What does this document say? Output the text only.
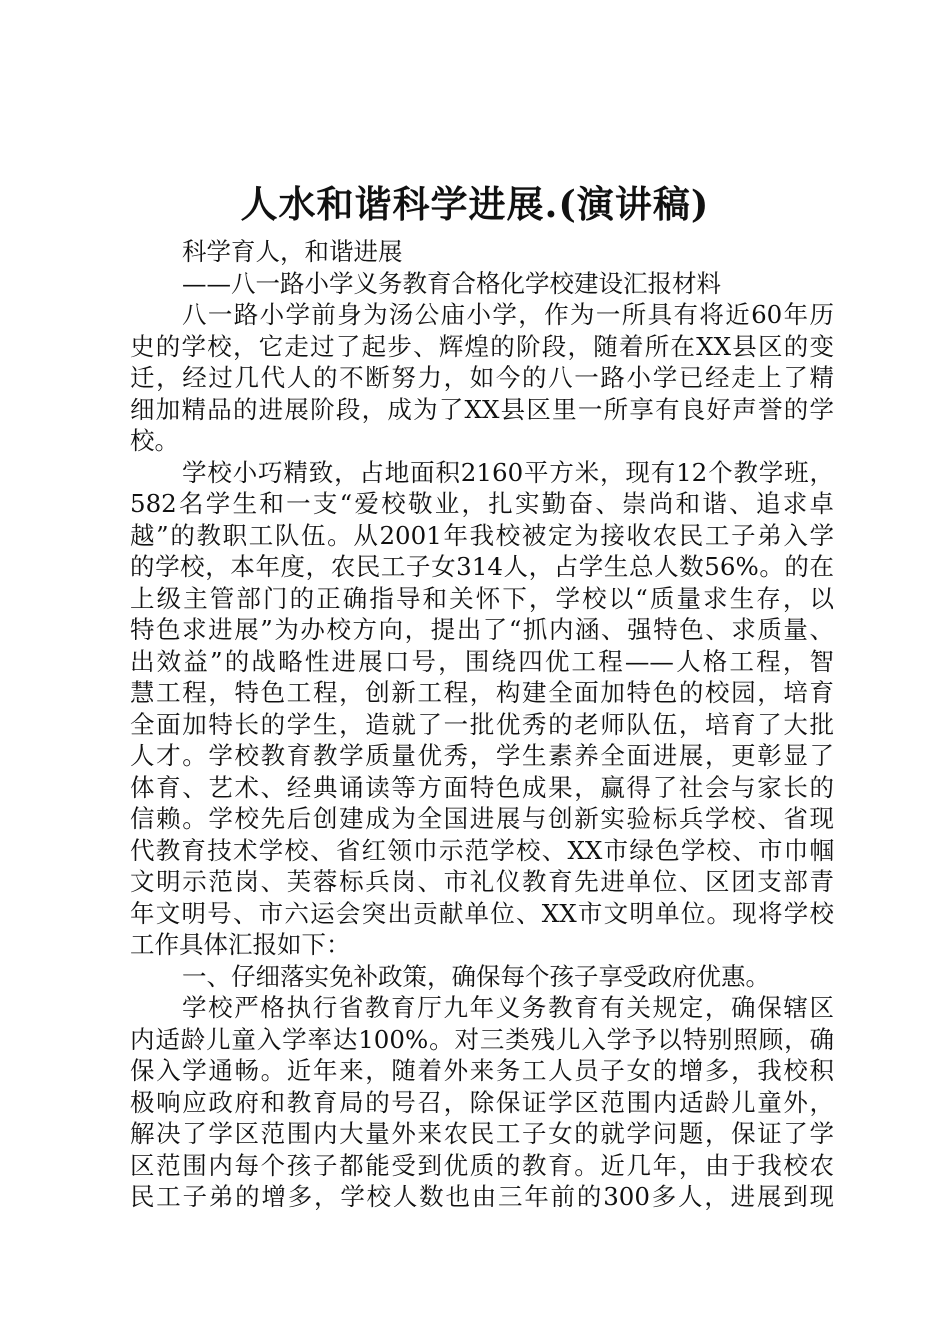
人水和谐科学进展.(演讲稿)
科学育人，和谐进展
——八一路小学义务教育合格化学校建设汇报材料
八一路小学前身为汤公庙小学，作为一所具有将近60年历
史的学校，它走过了起步、辉煌的阶段，随着所在XX县区的变
迁，经过几代人的不断努力，如今的八一路小学已经走上了精
细加精品的进展阶段，成为了XX县区里一所享有良好声誉的学
校。
学校小巧精致，占地面积2160平方米，现有12个教学班，
582名学生和一支“爱校敬业，扎实勤奋、崇尚和谐、追求卓
越”的教职工队伍。从2001年我校被定为接收农民工子弟入学
的学校，本年度，农民工子女314人，占学生总人数56%。的在
上级主管部门的正确指导和关怀下，学校以“质量求生存，以
特色求进展”为办校方向，提出了“抓内涵、强特色、求质量、
出效益”的战略性进展口号，围绕四优工程——人格工程，智
慧工程，特色工程，创新工程，构建全面加特色的校园，培育
全面加特长的学生，造就了一批优秀的老师队伍，培育了大批
人才。学校教育教学质量优秀，学生素养全面进展，更彰显了
体育、艺术、经典诵读等方面特色成果，赢得了社会与家长的
信赖。学校先后创建成为全国进展与创新实验标兵学校、省现
代教育技术学校、省红领巾示范学校、XX市绿色学校、市巾帼
文明示范岗、芙蓉标兵岗、市礼仪教育先进单位、区团支部青
年文明号、市六运会突出贡献单位、XX市文明单位。现将学校
工作具体汇报如下：
一、仔细落实免补政策，确保每个孩子享受政府优惠。
学校严格执行省教育厅九年义务教育有关规定，确保辖区
内适龄儿童入学率达100%。对三类残儿入学予以特别照顾，确
保入学通畅。近年来，随着外来务工人员子女的增多，我校积
极响应政府和教育局的号召，除保证学区范围内适龄儿童外，
解决了学区范围内大量外来农民工子女的就学问题，保证了学
区范围内每个孩子都能受到优质的教育。近几年，由于我校农
民工子弟的增多，学校人数也由三年前的300多人，进展到现
